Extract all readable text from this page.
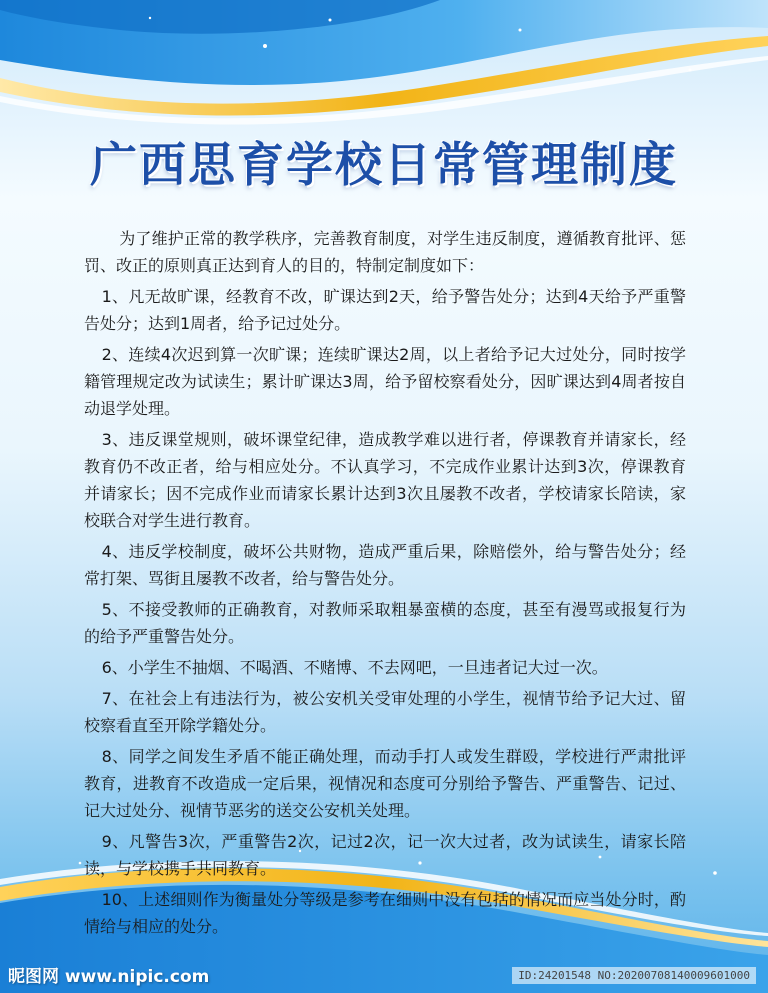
广西思育学校日常管理制度

为了维护正常的教学秩序，完善教育制度，对学生违反制度，遵循教育批评、惩罚、改正的原则真正达到育人的目的，特制定制度如下：

1、凡无故旷课，经教育不改，旷课达到2天，给予警告处分；达到4天给予严重警告处分；达到1周者，给予记过处分。

2、连续4次迟到算一次旷课；连续旷课达2周，以上者给予记大过处分，同时按学籍管理规定改为试读生；累计旷课达3周，给予留校察看处分，因旷课达到4周者按自动退学处理。

3、违反课堂规则，破坏课堂纪律，造成教学难以进行者，停课教育并请家长，经教育仍不改正者，给与相应处分。不认真学习，不完成作业累计达到3次，停课教育并请家长；因不完成作业而请家长累计达到3次且屡教不改者，学校请家长陪读，家校联合对学生进行教育。

4、违反学校制度，破坏公共财物，造成严重后果，除赔偿外，给与警告处分；经常打架、骂街且屡教不改者，给与警告处分。

5、不接受教师的正确教育，对教师采取粗暴蛮横的态度，甚至有漫骂或报复行为的给予严重警告处分。

6、小学生不抽烟、不喝酒、不赌博、不去网吧，一旦违者记大过一次。

7、在社会上有违法行为，被公安机关受审处理的小学生，视情节给予记大过、留校察看直至开除学籍处分。

8、同学之间发生矛盾不能正确处理，而动手打人或发生群殴，学校进行严肃批评教育，进教育不改造成一定后果，视情况和态度可分别给予警告、严重警告、记过、记大过处分、视情节恶劣的送交公安机关处理。

9、凡警告3次，严重警告2次，记过2次，记一次大过者，改为试读生，请家长陪读，与学校携手共同教育。

10、上述细则作为衡量处分等级是参考在细则中没有包括的情况而应当处分时，酌情给与相应的处分。

昵图网 www.nipic.com	ID:24201548 NO:20200708140009601000
